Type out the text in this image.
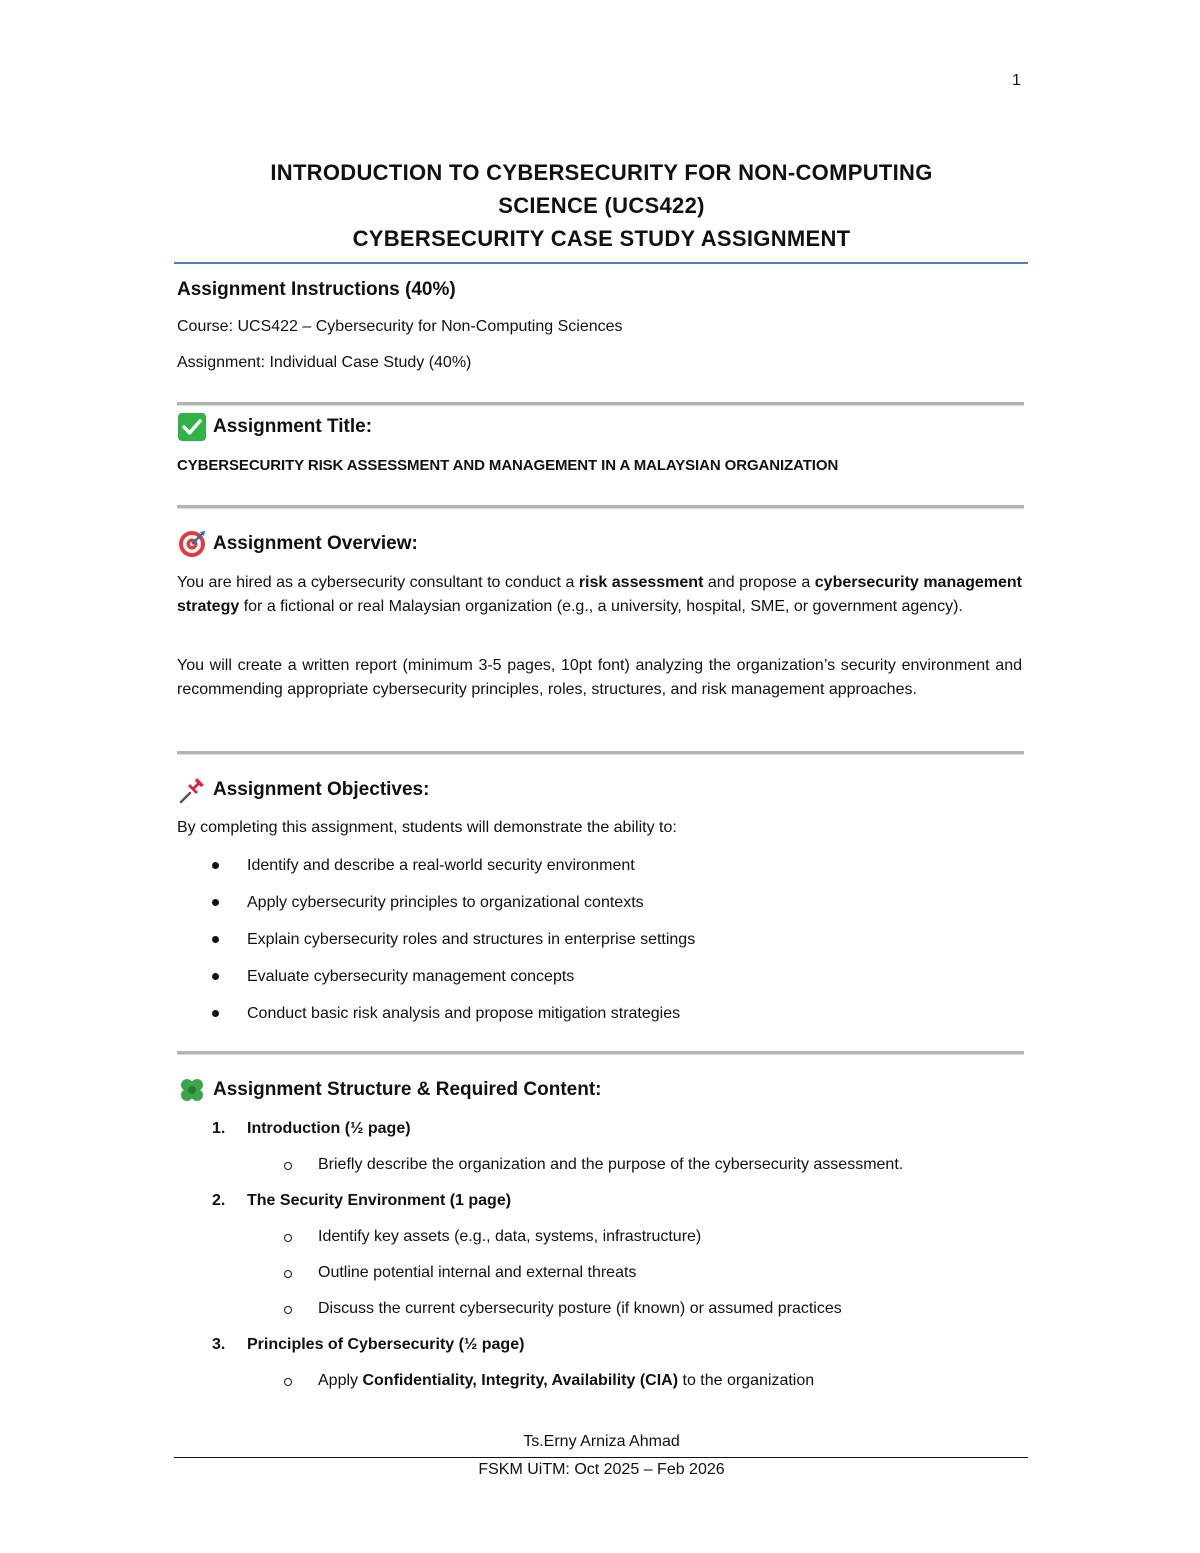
1
INTRODUCTION TO CYBERSECURITY FOR NON-COMPUTING
SCIENCE (UCS422)
CYBERSECURITY CASE STUDY ASSIGNMENT
Assignment Instructions (40%)
Course: UCS422 – Cybersecurity for Non-Computing Sciences
Assignment: Individual Case Study (40%)
Assignment Title:
CYBERSECURITY RISK ASSESSMENT AND MANAGEMENT IN A MALAYSIAN ORGANIZATION
Assignment Overview:
You are hired as a cybersecurity consultant to conduct a risk assessment and propose a cybersecurity management strategy for a fictional or real Malaysian organization (e.g., a university, hospital, SME, or government agency).
You will create a written report (minimum 3-5 pages, 10pt font) analyzing the organization’s security environment and recommending appropriate cybersecurity principles, roles, structures, and risk management approaches.
Assignment Objectives:
By completing this assignment, students will demonstrate the ability to:
Identify and describe a real-world security environment
Apply cybersecurity principles to organizational contexts
Explain cybersecurity roles and structures in enterprise settings
Evaluate cybersecurity management concepts
Conduct basic risk analysis and propose mitigation strategies
Assignment Structure & Required Content:
1. Introduction (½ page)
Briefly describe the organization and the purpose of the cybersecurity assessment.
2. The Security Environment (1 page)
Identify key assets (e.g., data, systems, infrastructure)
Outline potential internal and external threats
Discuss the current cybersecurity posture (if known) or assumed practices
3. Principles of Cybersecurity (½ page)
Apply Confidentiality, Integrity, Availability (CIA) to the organization
Ts.Erny Arniza Ahmad
FSKM UiTM: Oct 2025 – Feb 2026
